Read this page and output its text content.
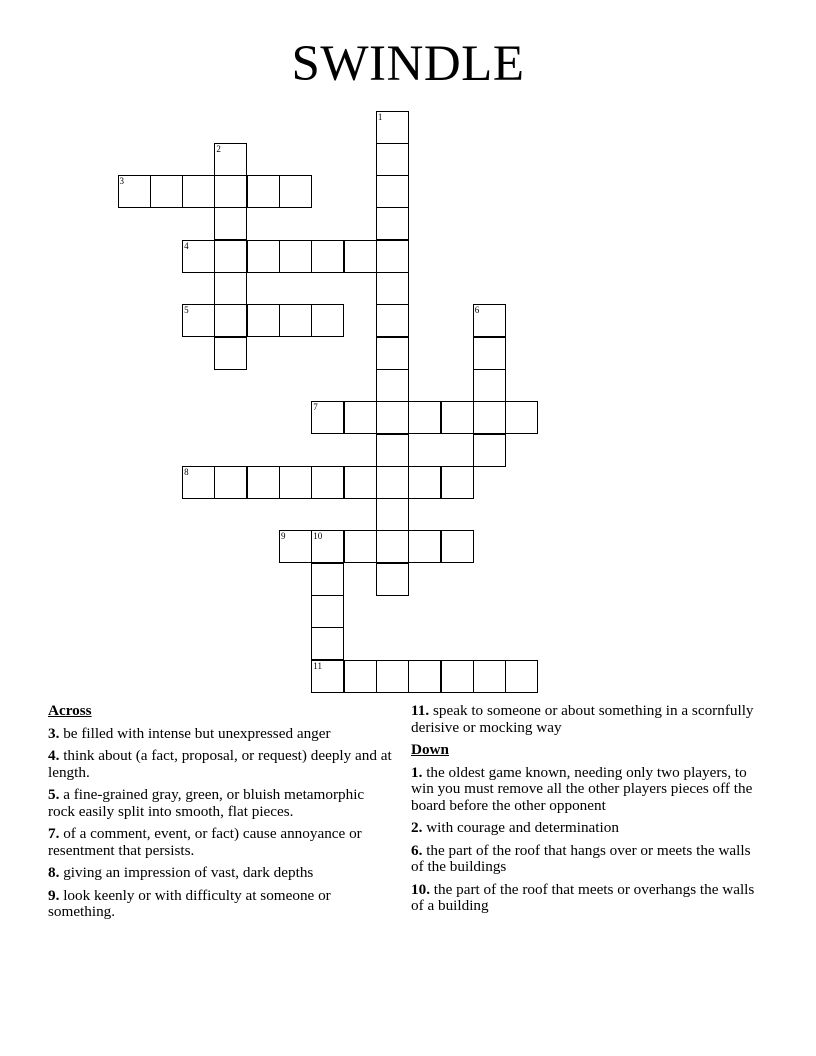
SWINDLE
1
2
3
4
5	6
7
8
9	10
11
Across
3. be filled with intense but unexpressed anger
4. think about (a fact, proposal, or request) deeply and at length.
5. a fine-grained gray, green, or bluish metamorphic rock easily split into smooth, flat pieces.
7. of a comment, event, or fact) cause annoyance or resentment that persists.
8. giving an impression of vast, dark depths
9. look keenly or with difficulty at someone or something.
11. speak to someone or about something in a scornfully derisive or mocking way
Down
1. the oldest game known, needing only two players, to win you must remove all the other players pieces off the board before the other opponent
2. with courage and determination
6. the part of the roof that hangs over or meets the walls of the buildings
10. the part of the roof that meets or overhangs the walls of a building
